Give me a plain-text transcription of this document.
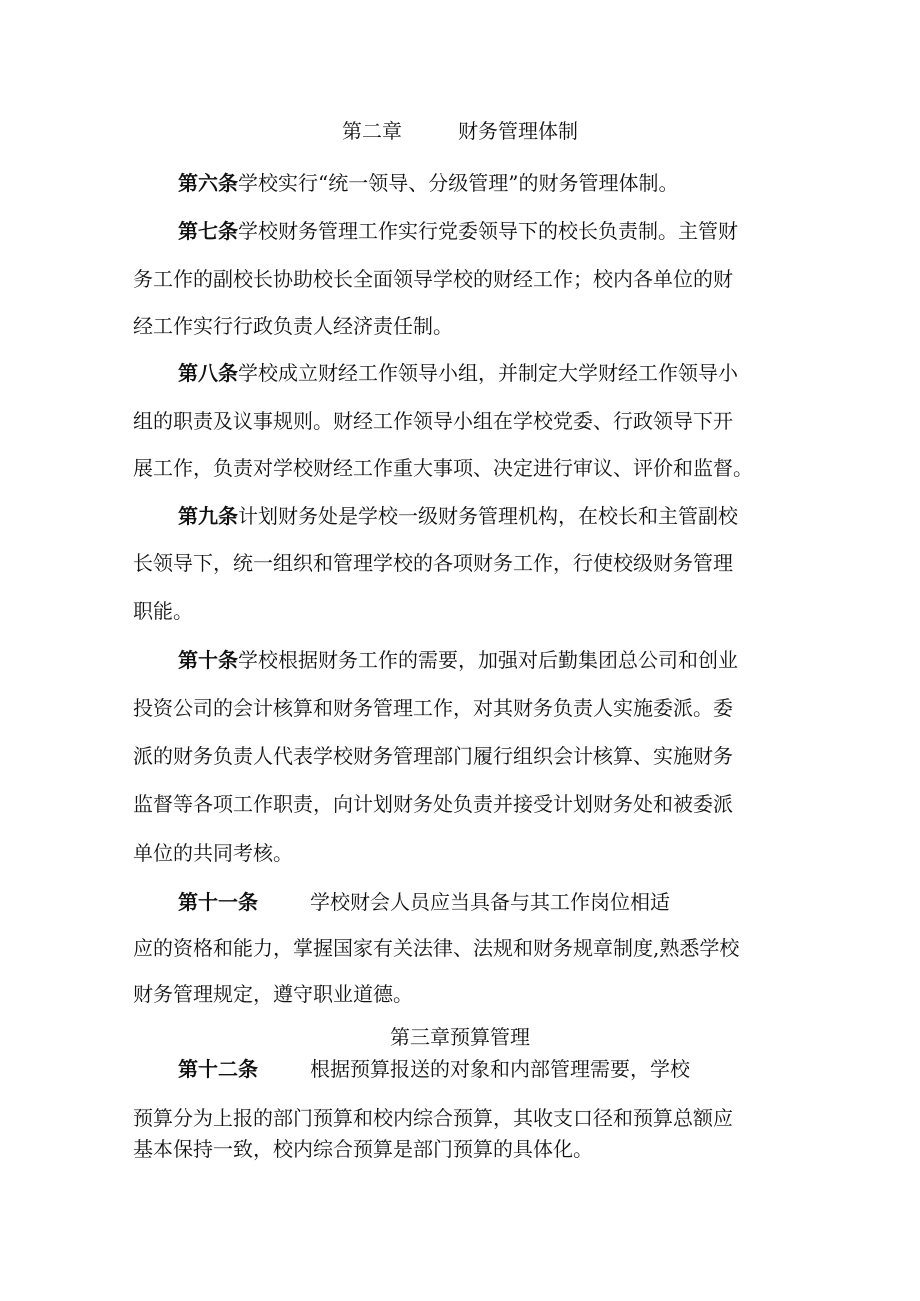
第二章	财务管理体制
第六条学校实行“统一领导、分级管理”的财务管理体制。
第七条学校财务管理工作实行党委领导下的校长负责制。主管财
务工作的副校长协助校长全面领导学校的财经工作；校内各单位的财
经工作实行行政负责人经济责任制。
第八条学校成立财经工作领导小组，并制定大学财经工作领导小
组的职责及议事规则。财经工作领导小组在学校党委、行政领导下开
展工作，负责对学校财经工作重大事项、决定进行审议、评价和监督。
第九条计划财务处是学校一级财务管理机构，在校长和主管副校
长领导下，统一组织和管理学校的各项财务工作，行使校级财务管理
职能。
第十条学校根据财务工作的需要，加强对后勤集团总公司和创业
投资公司的会计核算和财务管理工作，对其财务负责人实施委派。委
派的财务负责人代表学校财务管理部门履行组织会计核算、实施财务
监督等各项工作职责，向计划财务处负责并接受计划财务处和被委派
单位的共同考核。
第十一条	学校财会人员应当具备与其工作岗位相适
应的资格和能力，掌握国家有关法律、法规和财务规章制度,熟悉学校
财务管理规定，遵守职业道德。
第三章预算管理
第十二条	根据预算报送的对象和内部管理需要，学校
预算分为上报的部门预算和校内综合预算，其收支口径和预算总额应
基本保持一致，校内综合预算是部门预算的具体化。
